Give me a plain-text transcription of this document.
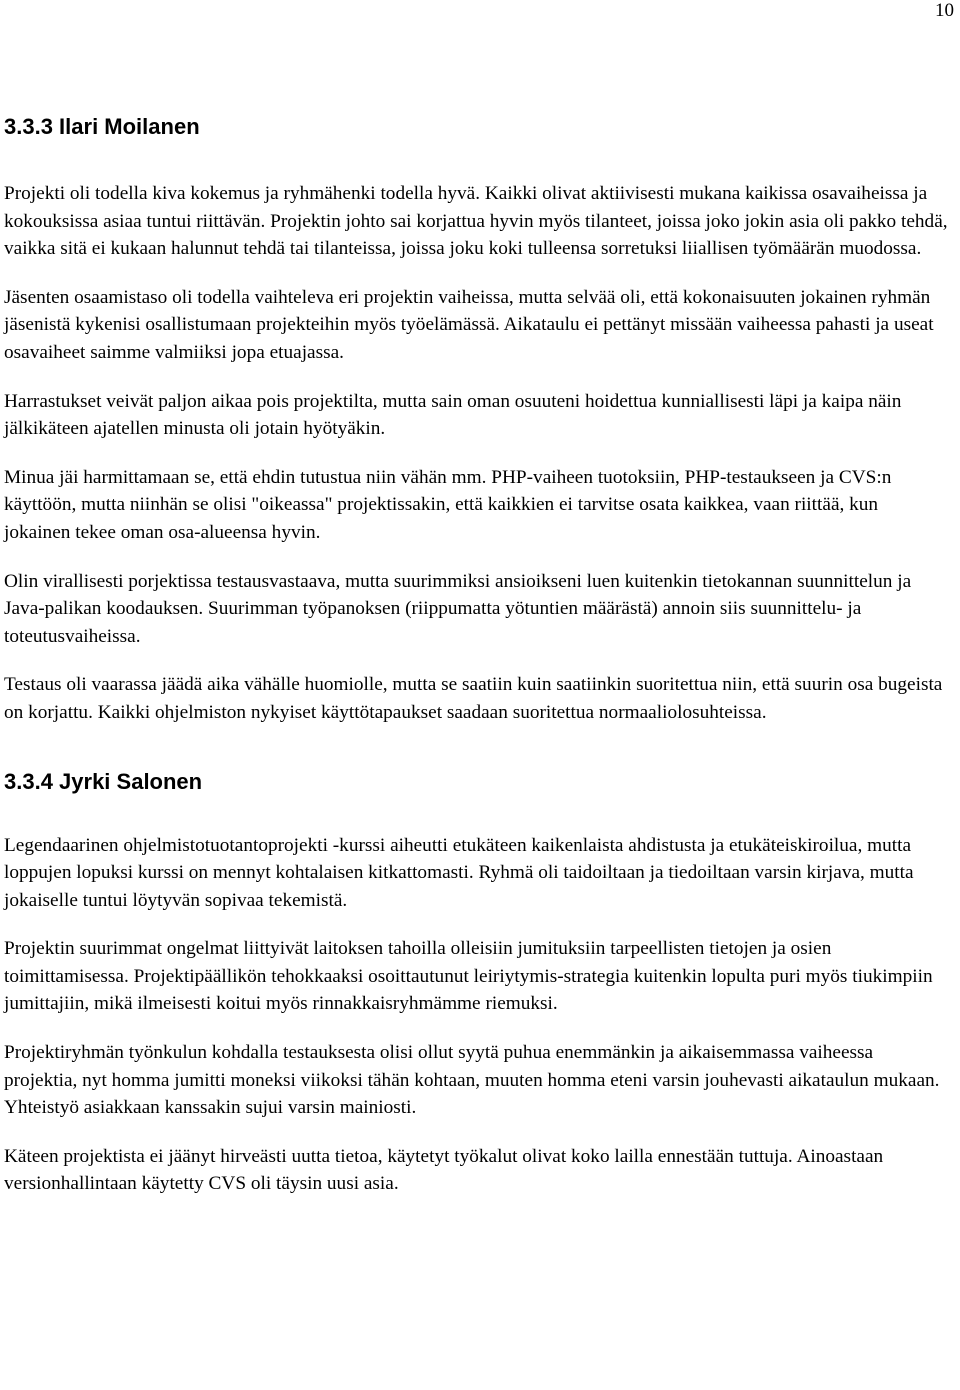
10
3.3.3 Ilari Moilanen

Projekti oli todella kiva kokemus ja ryhmähenki todella hyvä. Kaikki olivat aktiivisesti mukana kaikissa osavaiheissa ja kokouksissa asiaa tuntui riittävän. Projektin johto sai korjattua hyvin myös tilanteet, joissa joko jokin asia oli pakko tehdä, vaikka sitä ei kukaan halunnut tehdä tai tilanteissa, joissa joku koki tulleensa sorretuksi liiallisen työmäärän muodossa.

Jäsenten osaamistaso oli todella vaihteleva eri projektin vaiheissa, mutta selvää oli, että kokonaisuuten jokainen ryhmän jäsenistä kykenisi osallistumaan projekteihin myös työelämässä. Aikataulu ei pettänyt missään vaiheessa pahasti ja useat osavaiheet saimme valmiiksi jopa etuajassa.

Harrastukset veivät paljon aikaa pois projektilta, mutta sain oman osuuteni hoidettua kunniallisesti läpi ja kaipa näin jälkikäteen ajatellen minusta oli jotain hyötyäkin.

Minua jäi harmittamaan se, että ehdin tutustua niin vähän mm. PHP-vaiheen tuotoksiin, PHP-testaukseen ja CVS:n käyttöön, mutta niinhän se olisi "oikeassa" projektissakin, että kaikkien ei tarvitse osata kaikkea, vaan riittää, kun jokainen tekee oman osa-alueensa hyvin.

Olin virallisesti porjektissa testausvastaava, mutta suurimmiksi ansioikseni luen kuitenkin tietokannan suunnittelun ja Java-palikan koodauksen. Suurimman työpanoksen (riippumatta yötuntien määrästä) annoin siis suunnittelu- ja toteutusvaiheissa.

Testaus oli vaarassa jäädä aika vähälle huomiolle, mutta se saatiin kuin saatiinkin suoritettua niin, että suurin osa bugeista on korjattu. Kaikki ohjelmiston nykyiset käyttötapaukset saadaan suoritettua normaaliolosuhteissa.

3.3.4 Jyrki Salonen

Legendaarinen ohjelmistotuotantoprojekti -kurssi aiheutti etukäteen kaikenlaista ahdistusta ja etukäteiskiroilua, mutta loppujen lopuksi kurssi on mennyt kohtalaisen kitkattomasti. Ryhmä oli taidoiltaan ja tiedoiltaan varsin kirjava, mutta jokaiselle tuntui löytyvän sopivaa tekemistä.

Projektin suurimmat ongelmat liittyivät laitoksen tahoilla olleisiin jumituksiin tarpeellisten tietojen ja osien toimittamisessa. Projektipäällikön tehokkaaksi osoittautunut leiriytymis-strategia kuitenkin lopulta puri myös tiukimpiin jumittajiin, mikä ilmeisesti koitui myös rinnakkaisryhmämme riemuksi.

Projektiryhmän työnkulun kohdalla testauksesta olisi ollut syytä puhua enemmänkin ja aikaisemmassa vaiheessa projektia, nyt homma jumitti moneksi viikoksi tähän kohtaan, muuten homma eteni varsin jouhevasti aikataulun mukaan. Yhteistyö asiakkaan kanssakin sujui varsin mainiosti.

Käteen projektista ei jäänyt hirveästi uutta tietoa, käytetyt työkalut olivat koko lailla ennestään tuttuja. Ainoastaan versionhallintaan käytetty CVS oli täysin uusi asia.
